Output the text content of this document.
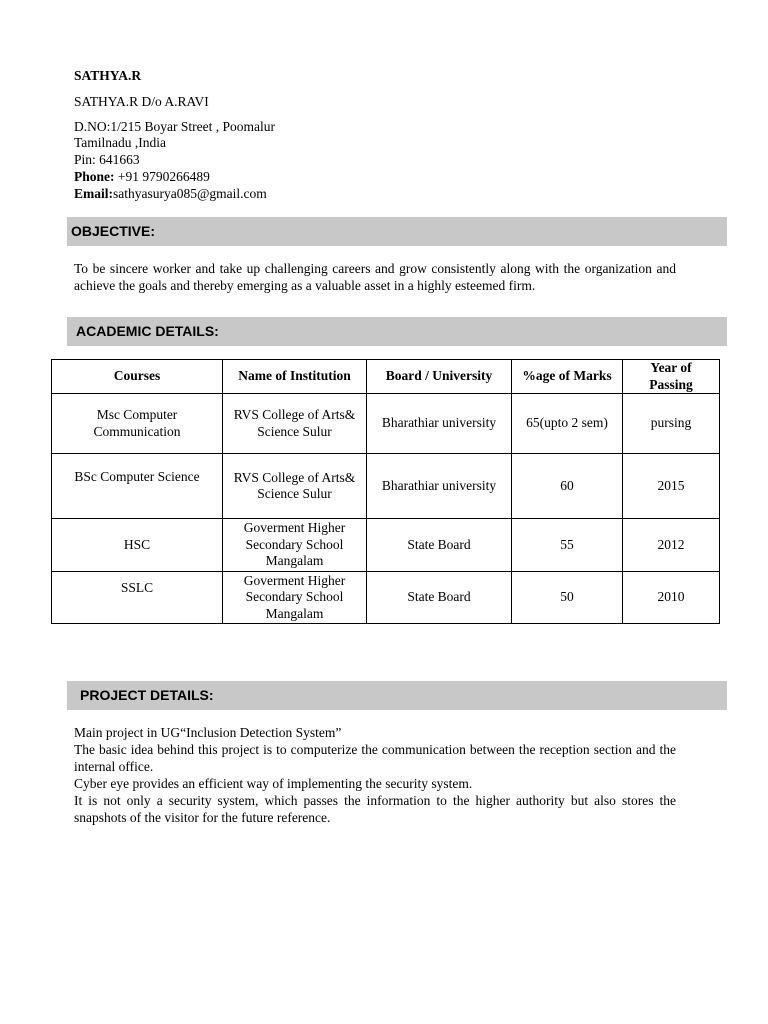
SATHYA.R
SATHYA.R D/o A.RAVI
D.NO:1/215 Boyar Street , Poomalur
Tamilnadu ,India
Pin: 641663
Phone: +91 9790266489
Email:sathyasurya085@gmail.com
OBJECTIVE:
To be sincere worker and take up challenging careers and grow consistently along with the organization and achieve the goals and thereby emerging as a valuable asset in a highly esteemed firm.
ACADEMIC DETAILS:
Courses	Name of Institution	Board / University	%age of Marks	Year of Passing
Msc Computer Communication	RVS College of Arts& Science Sulur	Bharathiar university	65(upto 2 sem)	pursing
BSc Computer Science	RVS College of Arts& Science Sulur	Bharathiar university	60	2015
HSC	Goverment Higher Secondary School Mangalam	State Board	55	2012
SSLC	Goverment Higher Secondary School Mangalam	State Board	50	2010
PROJECT DETAILS:
Main project in UG“Inclusion Detection System”
The basic idea behind this project is to computerize the communication between the reception section and the internal office.
Cyber eye provides an efficient way of implementing the security system.
It is not only a security system, which passes the information to the higher authority but also stores the snapshots of the visitor for the future reference.
